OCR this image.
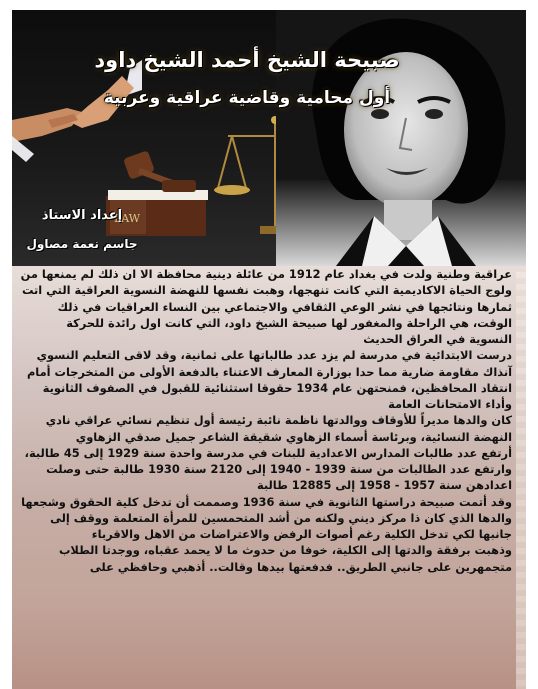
LAW

صبيحة الشيخ أحمد الشيخ داود

أول محامية وقاضية عراقية وعربية

إعداد الاستاذ
جاسم نعمة مصاول

عراقية وطنية ولدت في بغداد عام 1912 من عائلة دينية محافظة الا ان ذلك لم يمنعها من ولوج الحياة الاكاديمية التي كانت تنهجها، وهبت نفسها للنهضة النسوية العراقية التي اتت ثمارها ونتائجها في نشر الوعي الثقافي والاجتماعي بين النساء العراقيات في ذلك الوقت، هي الراحلة والمغفور لها صبيحة الشيخ داود، التي كانت اول رائدة للحركة النسوية في العراق الحديث

درست الابتدائية في مدرسة لم يزد عدد طالباتها على ثمانية، وقد لاقى التعليم النسوي آنذاك مقاومة ضارية مما حدا بوزارة المعارف الاعتناء بالدفعة الأولى من المتخرجات أمام انتقاد المحافظين، فمنحتهن عام 1934 حقوقا استثنائية للقبول في الصفوف الثانوية وأداء الامتحانات العامة

كان والدها مديراً للأوقاف ووالدتها ناظمة نائبة رئيسة أول تنظيم نسائي عراقي نادي النهضة النسائية، وبرئاسة أسماء الزهاوي شقيقة الشاعر جميل صدقي الزهاوي

أرتفع عدد طالبات المدارس الاعدادية للبنات في مدرسة واحدة سنة 1929 إلى 45 طالبة، وارتفع عدد الطالبات من سنة 1939 - 1940 إلى 2120 سنة 1930 طالبة حتى وصلت اعدادهن سنة 1957 - 1958 إلى 12885 طالبة

وقد أتمت صبيحة دراستها الثانوية في سنة 1936 وصممت أن تدخل كلية الحقوق وشجعها والدها الذي كان ذا مركز ديني ولكنه من أشد المتحمسين للمرأة المتعلمة ووقف إلى جانبها لكي تدخل الكلية رغم أصوات الرفض والاعتراضات من الاهل والاقرباء

وذهبت برفقة والدتها إلى الكلية، خوفا من حدوث ما لا يحمد عقباه، ووجدتا الطلاب متجمهرين على جانبي الطريق.. فدفعتها بيدها وقالت.. أذهبي وحافظي على
